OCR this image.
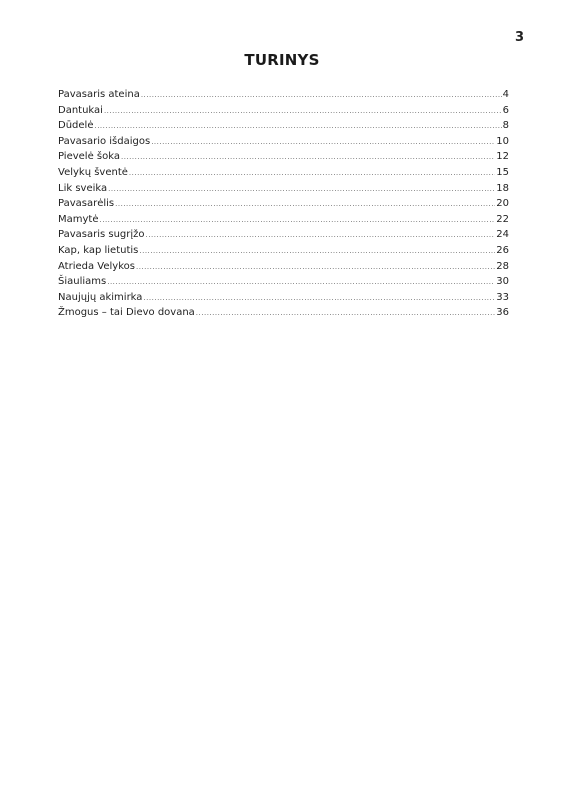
3
TURINYS
Pavasaris ateina .....	4
Dantukai .....	6
Dūdelė .....	8
Pavasario išdaigos .....	10
Pievelė šoka .....	12
Velykų šventė .....	15
Lik sveika .....	18
Pavasarėlis .....	20
Mamytė .....	22
Pavasaris sugrįžo .....	24
Kap, kap lietutis .....	26
Atrieda Velykos .....	28
Šiauliams .....	30
Naujųjų akimirka .....	33
Žmogus – tai Dievo dovana .....	36
